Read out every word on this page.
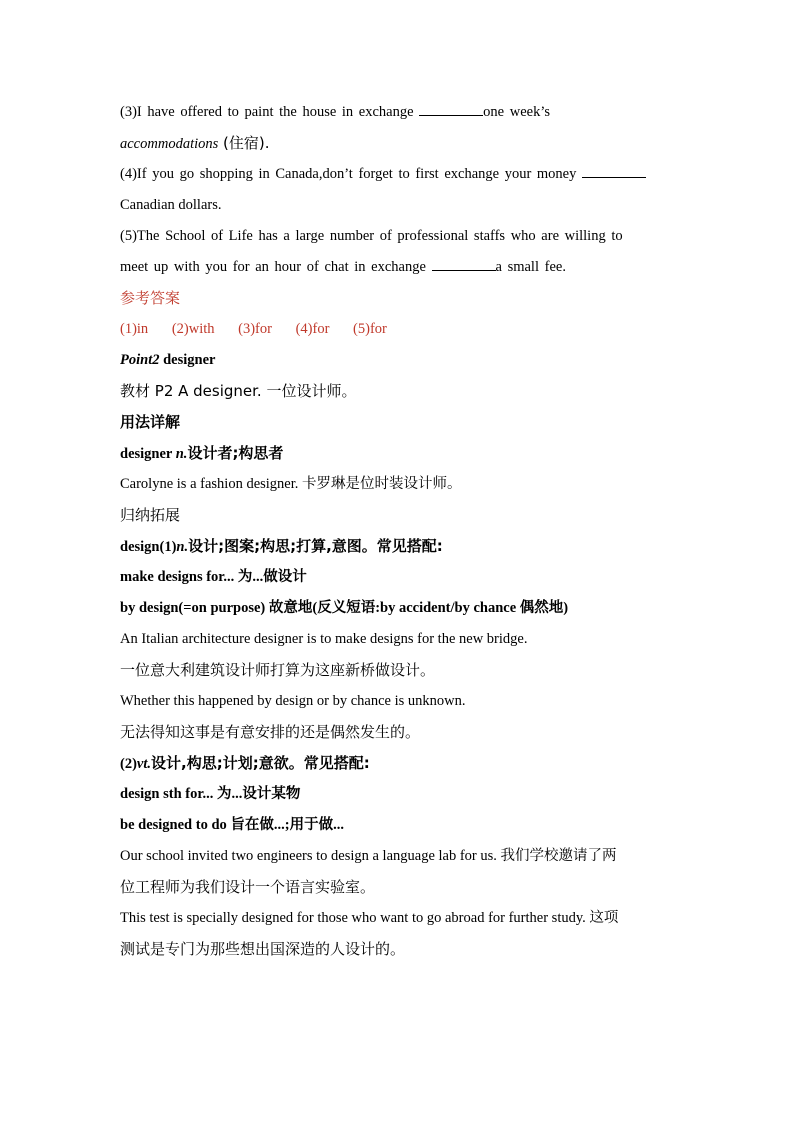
(3)I have offered to paint the house in exchange	one week’s
accommodations (住宿).
(4)If you go shopping in Canada,don’t forget to first exchange your money
Canadian dollars.
(5)The School of Life has a large number of professional staffs who are willing to
meet up with you for an hour of chat in exchange	a small fee.
参考答案
(1)in (2)with (3)for (4)for (5)for
Point2 designer
教材 P2 A designer. 一位设计师。
用法详解
designer n.设计者;构思者
Carolyne is a fashion designer. 卡罗琳是位时装设计师。
归纳拓展
design(1)n.设计;图案;构思;打算,意图。常见搭配:
make designs for... 为...做设计
by design(=on purpose) 故意地(反义短语:by accident/by chance 偶然地)
An Italian architecture designer is to make designs for the new bridge.
一位意大利建筑设计师打算为这座新桥做设计。
Whether this happened by design or by chance is unknown.
无法得知这事是有意安排的还是偶然发生的。
(2)vt.设计,构思;计划;意欲。常见搭配:
design sth for... 为...设计某物
be designed to do 旨在做...;用于做...
Our school invited two engineers to design a language lab for us. 我们学校邀请了两
位工程师为我们设计一个语言实验室。
This test is specially designed for those who want to go abroad for further study. 这项
测试是专门为那些想出国深造的人设计的。
